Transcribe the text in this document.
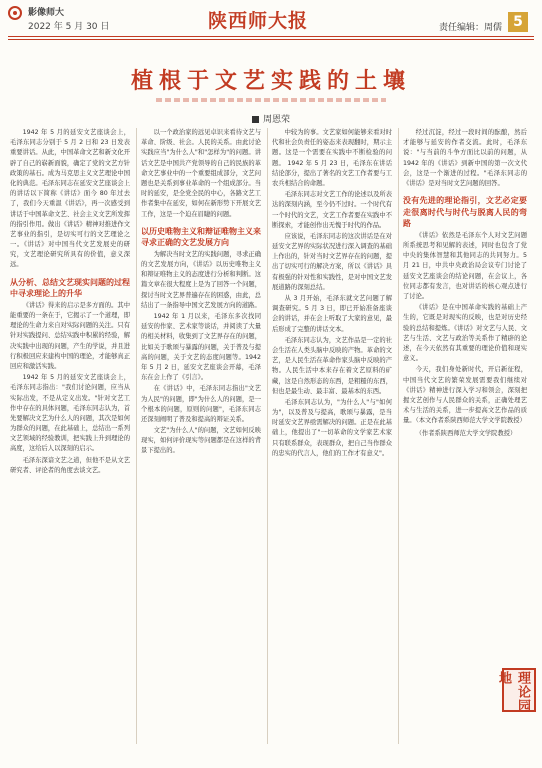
影像师大
2022 年 5 月 30 日	陕西师大报	责任编辑：周儒 5
植根于文艺实践的土壤
周恩荣

1942 年 5 月的延安文艺座谈会上，毛泽东同志分别于 5 月 2 日和 23 日发表重要讲话。从此，中国革命文艺和新文化开辟了自己的崭新面貌，确定了党的文艺方针政策的基石。成为马克思主义文艺理论中国化的典范。毛泽东同志在延安文艺座谈会上的讲话以下简称《讲话》面今 80 年过去了，我们今天重温《讲话》，再一次感受到讲话于中国革命文艺、社会主义文艺所发挥的指引作用。做出《讲话》精神对推进作文艺事业的指引，是切实可行的文艺理论之一。《讲话》对中国当代文艺发展史的研究，文艺理论研究所具有的价值，意义深远。

从分析、总结文艺现实问题的过程中寻求理论上的升华

《讲话》得来的启示是多方面的。其中能重要的一条在于，它揭示了一个道理，即理论的生命力来自对实际问题的关注。只有针对实践提问、总结实践中积累的经验，解决实践中出现的问题，产生的学说，并且进行积极回应来建构中国的理论，才能够真正回应和激活实践。

1942 年 5 月的延安文艺座谈会上，毛泽东同志指出："我们讨论问题，应当从实际出发，不是从定义出发。"针对文艺工作中存在的具体问题，毛泽东同志认为，首先要解决文艺为什么人的问题，其次是如何为群众的问题，在此基础上，总结出一系列文艺领域的经验教训，把实践上升到理论的高度，这给后人以深刻的启示。

毛泽东深谙文艺之道，但他不是从文艺研究者、评论者的角度去谈文艺。

以一个政治家的远见卓识来看待文艺与革命、阶级、社会。人民的关系。由此讨论实践应当"为什么人"和"怎样为"的问题。讲话文艺是中国共产党领导的自己的民族的革命文艺事业中的一个重要组成部分，文艺问题也是关系到事业革命的一个组成部分。当时的延安，是全党全民的中心，各路文艺工作者集中在延安，如何在新形势下开展文艺工作，这是一个迫在眉睫的问题。

以历史唯物主义和辩证唯物主义来寻求正确的文艺发展方向

为解决当时文艺的实践问题，寻求正确的文艺发展方向，《讲话》以历史唯物主义和辩证唯物主义的态度进行分析和判断。这篇文章在很大程度上是为了回答一个问题，探讨当时文艺界普遍存在的困惑，由此，总结出了一条指导中国文艺发展方向的道路。

1942 年 1 月以来，毛泽东多次找同延安的作家、艺术家等谈话，并阅读了大量的相关材料，收集到了文艺界存在的问题，比如关于歌颂与暴露的问题，关于普及与提高的问题，关于文艺的态度问题等。1942 年 5 月 2 日，延安文艺座谈会开幕，毛泽东在会上作了《引言》。

在《讲话》中，毛泽东同志指出"文艺为人民"的问题，即"为什么人的问题，是一个根本的问题，原则的问题"，毛泽东同志还深刻阐明了普及和提高的辩证关系。

文艺"为什么人"的问题，文艺如何反映现实，如何评价现实等问题都是在这样的背景下提出的。

中较为的事。文艺家如何能够来看对时代和社会负责任的姿态来表现翻时，期示主题。这是一个需要在实践中不断检验的问题。 1942 年 5 月 23 日，毛泽东在讲话结论部分，提出了著名的文艺工作者要与工农兵相结合的命题。

毛泽东同志对文艺工作的论述以及所表达的深刻内涵，至今仍不过时。一个时代有一个时代的文艺，文艺工作者要在实践中不断探索，才能创作出无愧于时代的作品。

应该说，毛泽东同志的这次讲话是在对延安文艺界的实际状况进行深入调查的基础上作出的，针对当时文艺界存在的问题，提出了切实可行的解决方案，所以《讲话》具有极强的针对性和实践性，是对中国文艺发展道路的深刻总结。

从 3 月开始，毛泽东就文艺问题了解调查研究。5 月 3 日，即已开始准备座谈会的讲话，并在会上听取了大家的意见，最后形成了完整的讲话文本。

毛泽东同志认为，文艺作品是一定的社会生活在人类头脑中反映的产物。革命的文艺，是人民生活在革命作家头脑中反映的产物。人民生活中本来存在着文艺原料的矿藏，这是自然形态的东西，是粗糙的东西，但也是最生动、最丰富、最基本的东西。

毛泽东同志认为，"为什么人"与"如何为"，以及普及与提高，歌颂与暴露，是当时延安文艺界亟需解决的问题。正是在此基础上，他提出了"一切革命的文学家艺术家只有联系群众，表现群众，把自己当作群众的忠实的代言人，他们的工作才有意义"。

经过沉淀，经过一段时间的酝酿，然后才能够与延安的作者交流。此时，毛泽东说："与当前的斗争方面比以前的问题，从 1942 年的《讲话》到新中国的第一次文代会，这是一个渐进的过程。"毛泽东同志的《讲话》是对当时文艺问题的回答。

没有先进的理论指引，文艺必定要走很离时代与时代与脱离人民的弯路

《讲话》依然是毛泽东个人对文艺问题所系统思考和见解的表述，同时也包含了党中央的集体智慧和其他同志的共同努力。5 月 21 日，中共中央政治局会议专门讨论了延安文艺座谈会的结论问题，在会议上，各位同志都有发言，也对讲话的核心观点进行了讨论。

《讲话》是在中国革命实践的基础上产生的，它既是对现实的反映，也是对历史经验的总结和提炼。《讲话》对文艺与人民、文艺与生活、文艺与政治等关系作了精辟的论述，在今天依然有其重要的理论价值和现实意义。

今天，我们身处新时代，开启新征程，中国当代文艺的繁荣发展需要我们继续对《讲话》精神进行深入学习和领会，深刻把握文艺创作与人民群众的关系，正确处理艺术与生活的关系，进一步提高文艺作品的质量。（本文作者系陕西师范大学文学院教授）

（作者系陕西师范大学文学院教授）

理论园地
